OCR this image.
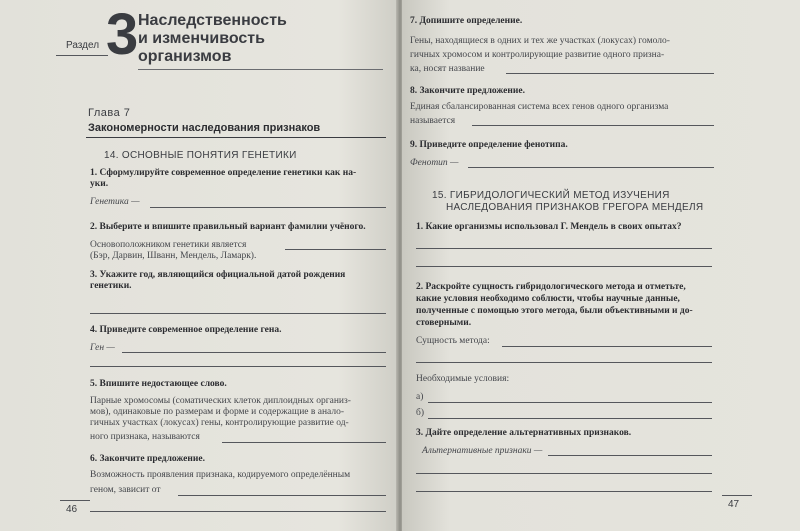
Раздел 3 Наследственность
и изменчивость
организмов
Глава 7
Закономерности наследования признаков
14. ОСНОВНЫЕ ПОНЯТИЯ ГЕНЕТИКИ
1. Сформулируйте современное определение генетики как на-
уки.
Генетика —
2. Выберите и впишите правильный вариант фамилии учёного.
Основоположником генетики является
(Бэр, Дарвин, Шванн, Мендель, Ламарк).
3. Укажите год, являющийся официальной датой рождения
генетики.
4. Приведите современное определение гена.
Ген —
5. Впишите недостающее слово.
Парные хромосомы (соматических клеток диплоидных организ-
мов), одинаковые по размерам и форме и содержащие в анало-
гичных участках (локусах) гены, контролирующие развитие од-
ного признака, называются
6. Закончите предложение.
Возможность проявления признака, кодируемого определённым
геном, зависит от
46
7. Допишите определение.
Гены, находящиеся в одних и тех же участках (локусах) гомоло-
гичных хромосом и контролирующие развитие одного призна-
ка, носят название
8. Закончите предложение.
Единая сбалансированная система всех генов одного организма
называется
9. Приведите определение фенотипа.
Фенотип —
15. ГИБРИДОЛОГИЧЕСКИЙ МЕТОД ИЗУЧЕНИЯ
НАСЛЕДОВАНИЯ ПРИЗНАКОВ ГРЕГОРА МЕНДЕЛЯ
1. Какие организмы использовал Г. Мендель в своих опытах?
2. Раскройте сущность гибридологического метода и отметьте,
какие условия необходимо соблюсти, чтобы научные данные,
полученные с помощью этого метода, были объективными и до-
стоверными.
Сущность метода:
Необходимые условия:
а)
б)
3. Дайте определение альтернативных признаков.
Альтернативные признаки —
47
